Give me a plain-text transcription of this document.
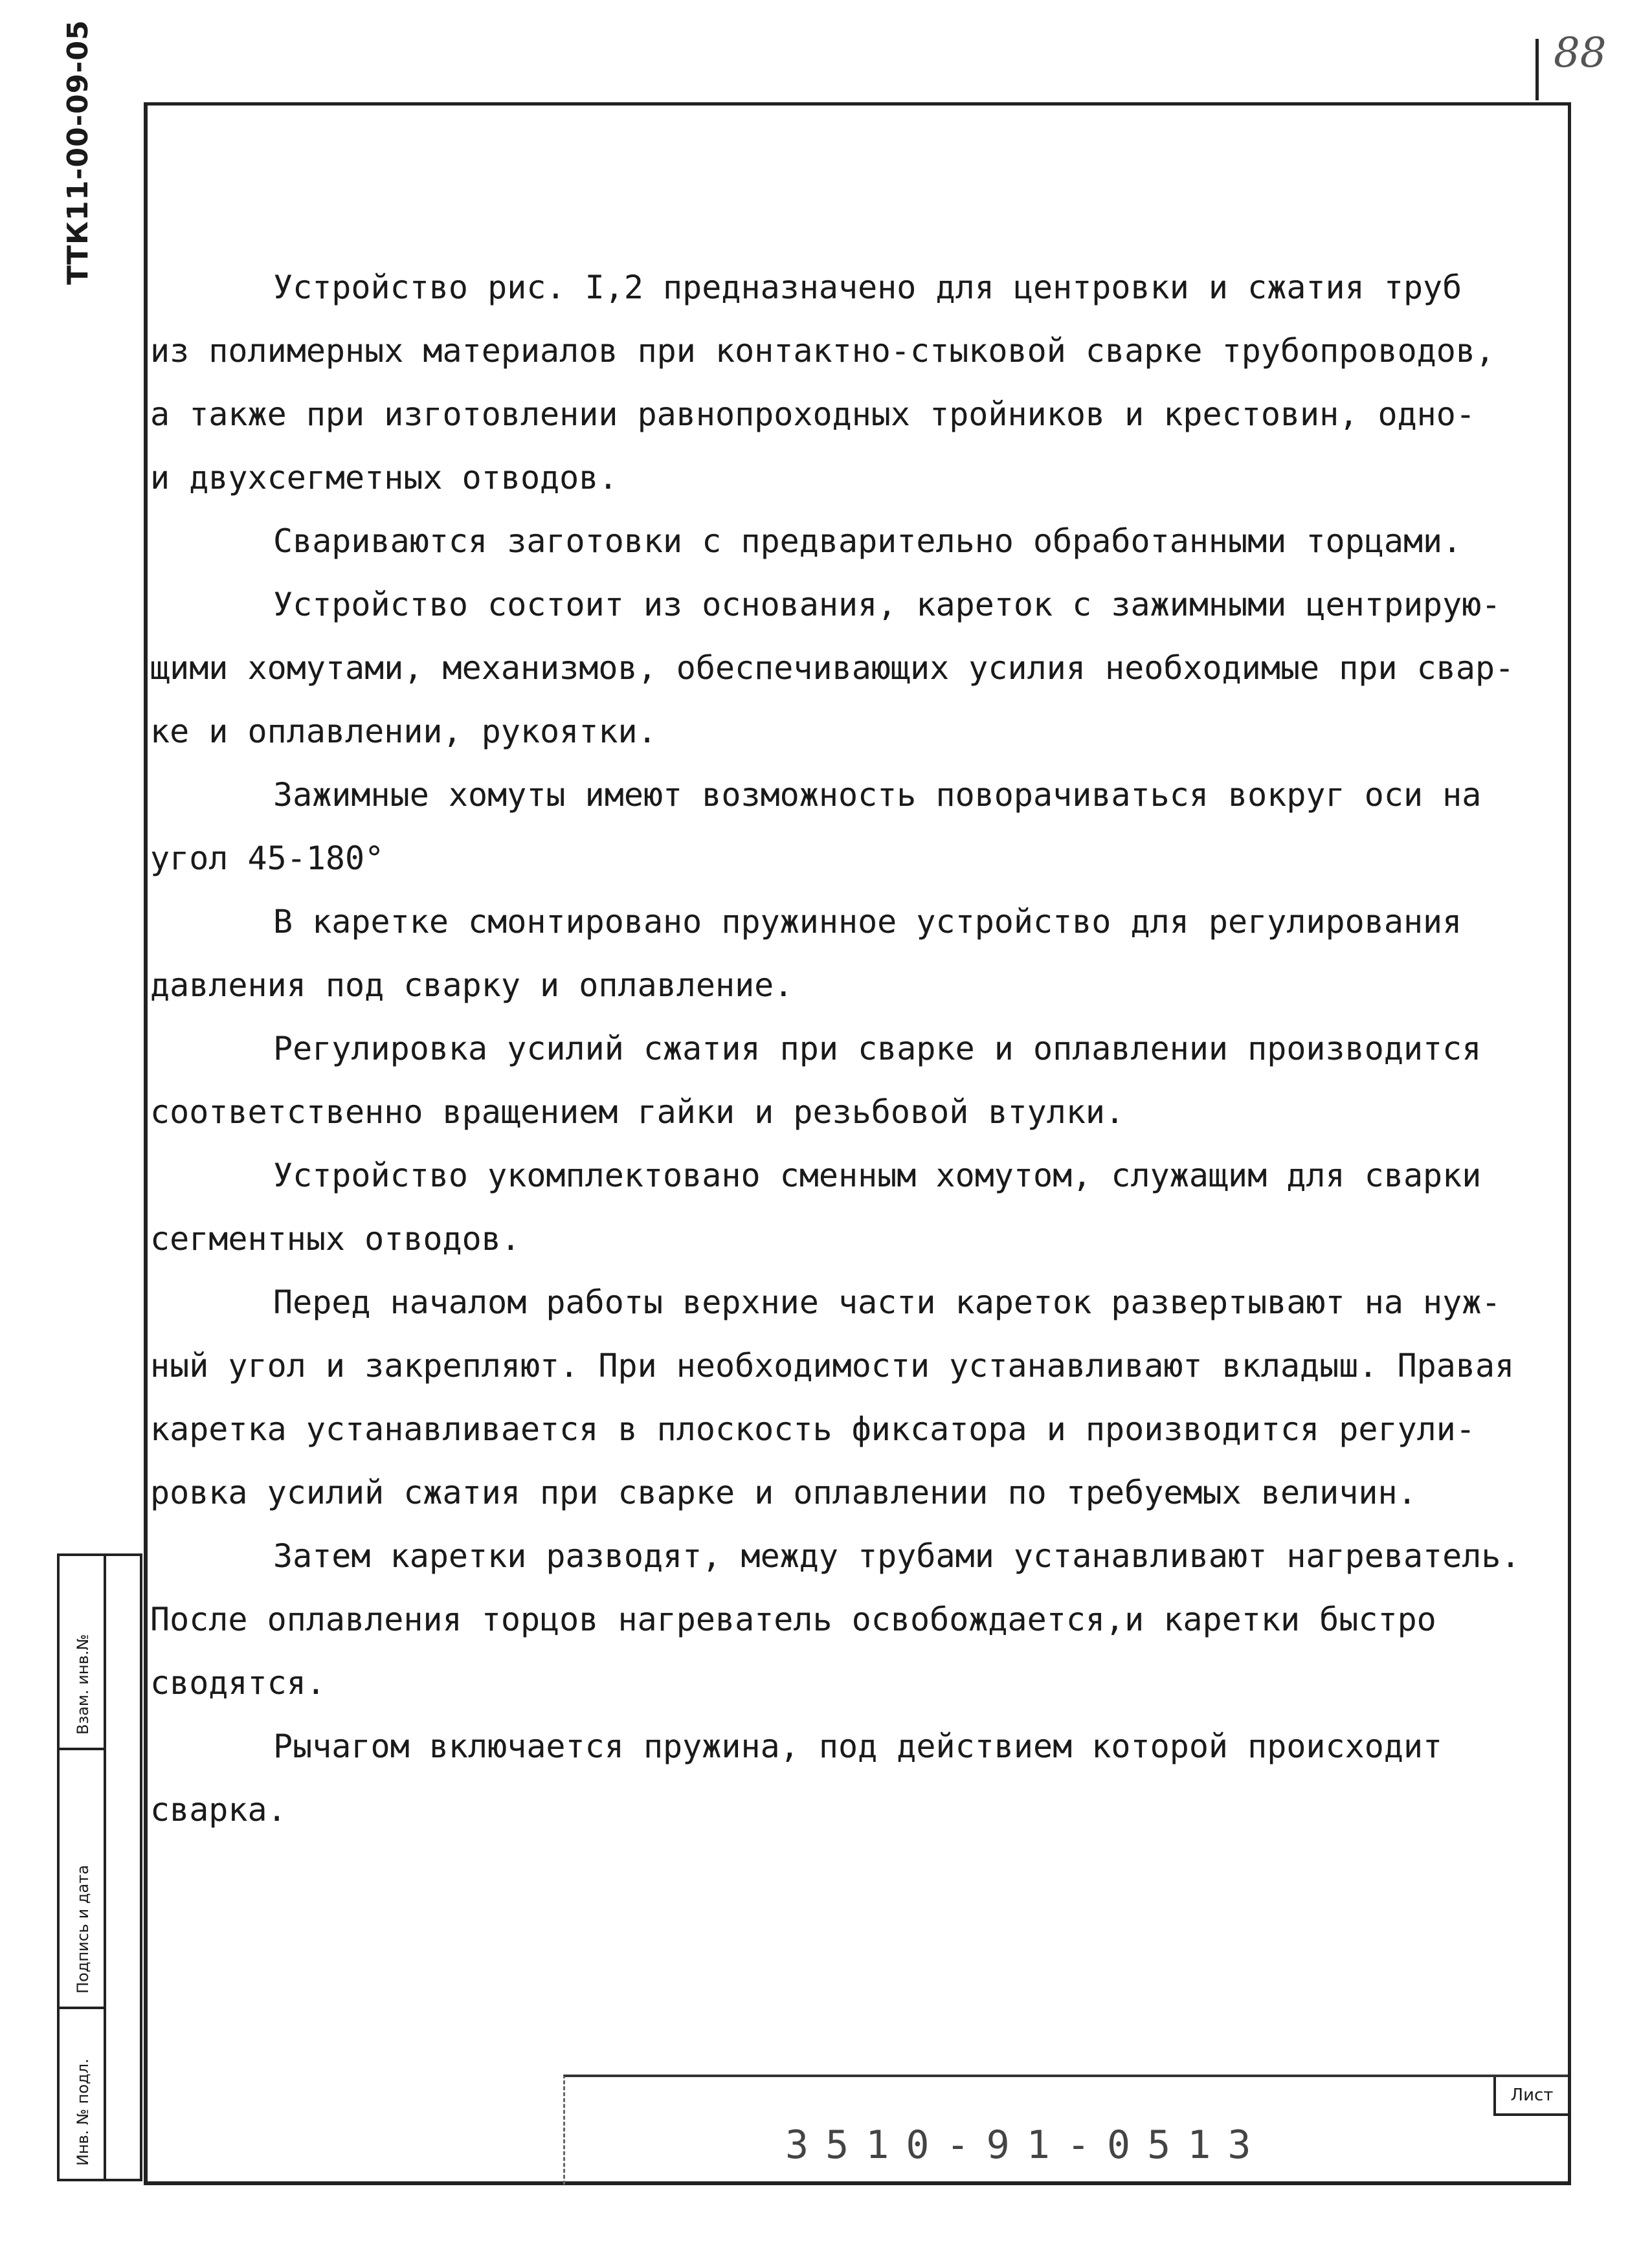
88
ТТК11-00-09-05

Устройство рис. I,2 предназначено для центровки и сжатия труб
из полимерных материалов при контактно-стыковой сварке трубопроводов,
а также при изготовлении равнопроходных тройников и крестовин, одно-
и двухсегметных отводов.

Свариваются заготовки с предварительно обработанными торцами.

Устройство состоит из основания, кареток с зажимными центрирую-
щими хомутами, механизмов, обеспечивающих усилия необходимые при свар-
ке и оплавлении, рукоятки.

Зажимные хомуты имеют возможность поворачиваться вокруг оси на
угол 45-180°

В каретке смонтировано пружинное устройство для регулирования
давления под сварку и оплавление.

Регулировка усилий сжатия при сварке и оплавлении производится
соответственно вращением гайки и резьбовой втулки.

Устройство укомплектовано сменным хомутом, служащим для сварки
сегментных отводов.

Перед началом работы верхние части кареток развертывают на нуж-
ный угол и закрепляют. При необходимости устанавливают вкладыш. Правая
каретка устанавливается в плоскость фиксатора и производится регули-
ровка усилий сжатия при сварке и оплавлении по требуемых величин.

Затем каретки разводят, между трубами устанавливают нагреватель.
После оплавления торцов нагреватель освобождается,и каретки быстро
сводятся.

Рычагом включается пружина, под действием которой происходит
сварка.

Взам. инв.№
Подпись и дата
Инв. № подл.	3510-91-0513
Лист
